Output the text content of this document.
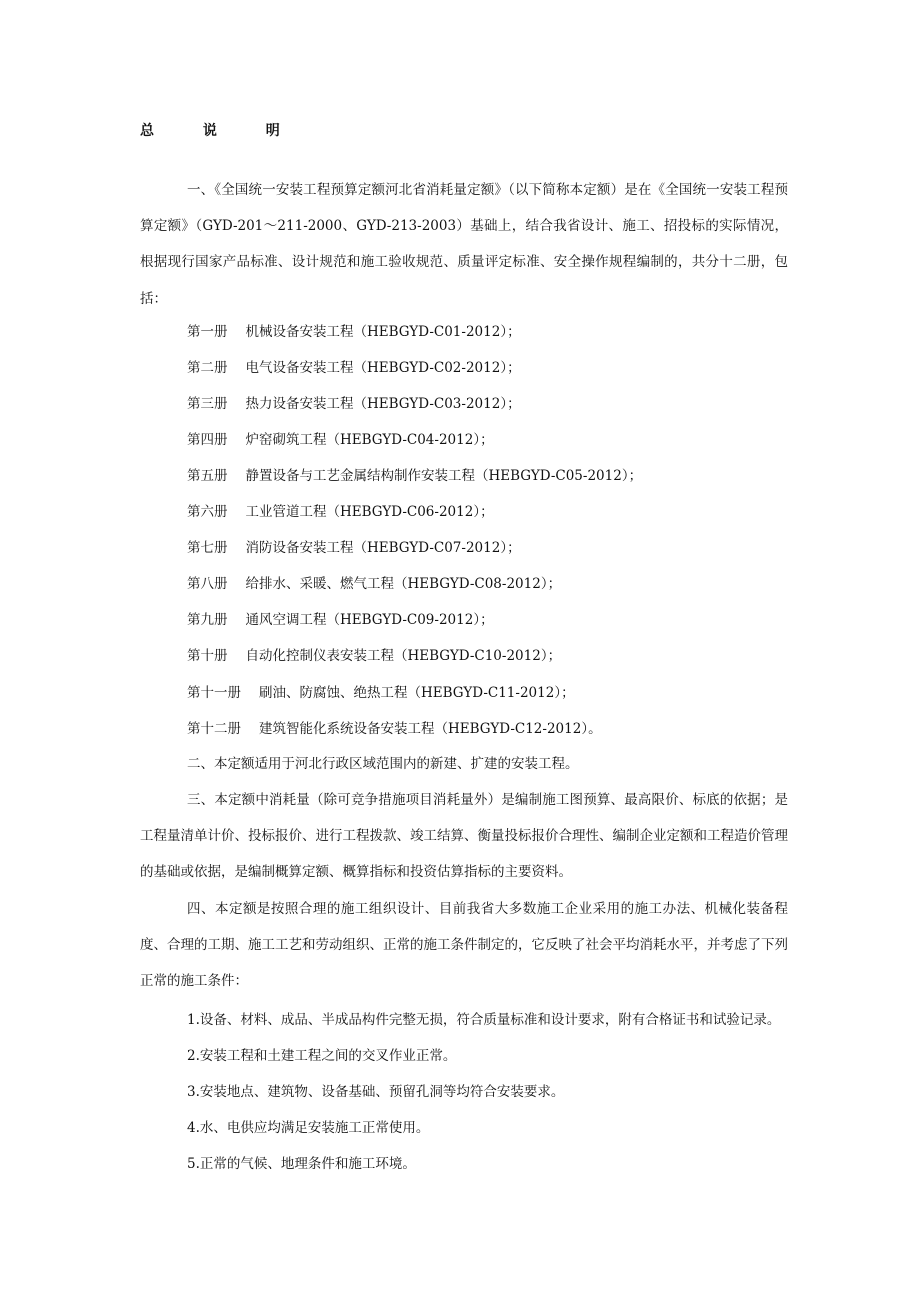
总 说 明
一、《全国统一安装工程预算定额河北省消耗量定额》（以下简称本定额）是在《全国统一安装工程预算定额》（GYD-201～211-2000、GYD-213-2003）基础上，结合我省设计、施工、招投标的实际情况，根据现行国家产品标准、设计规范和施工验收规范、质量评定标准、安全操作规程编制的，共分十二册，包括：
第一册 机械设备安装工程（HEBGYD-C01-2012）；
第二册 电气设备安装工程（HEBGYD-C02-2012）；
第三册 热力设备安装工程（HEBGYD-C03-2012）；
第四册 炉窑砌筑工程（HEBGYD-C04-2012）；
第五册 静置设备与工艺金属结构制作安装工程（HEBGYD-C05-2012）；
第六册 工业管道工程（HEBGYD-C06-2012）；
第七册 消防设备安装工程（HEBGYD-C07-2012）；
第八册 给排水、采暖、燃气工程（HEBGYD-C08-2012）；
第九册 通风空调工程（HEBGYD-C09-2012）；
第十册 自动化控制仪表安装工程（HEBGYD-C10-2012）；
第十一册 刷油、防腐蚀、绝热工程（HEBGYD-C11-2012）；
第十二册 建筑智能化系统设备安装工程（HEBGYD-C12-2012）。
二、本定额适用于河北行政区域范围内的新建、扩建的安装工程。
三、本定额中消耗量（除可竞争措施项目消耗量外）是编制施工图预算、最高限价、标底的依据；是工程量清单计价、投标报价、进行工程拨款、竣工结算、衡量投标报价合理性、编制企业定额和工程造价管理的基础或依据，是编制概算定额、概算指标和投资估算指标的主要资料。
四、本定额是按照合理的施工组织设计、目前我省大多数施工企业采用的施工办法、机械化装备程度、合理的工期、施工工艺和劳动组织、正常的施工条件制定的，它反映了社会平均消耗水平，并考虑了下列正常的施工条件：
1.设备、材料、成品、半成品构件完整无损，符合质量标准和设计要求，附有合格证书和试验记录。
2.安装工程和土建工程之间的交叉作业正常。
3.安装地点、建筑物、设备基础、预留孔洞等均符合安装要求。
4.水、电供应均满足安装施工正常使用。
5.正常的气候、地理条件和施工环境。
